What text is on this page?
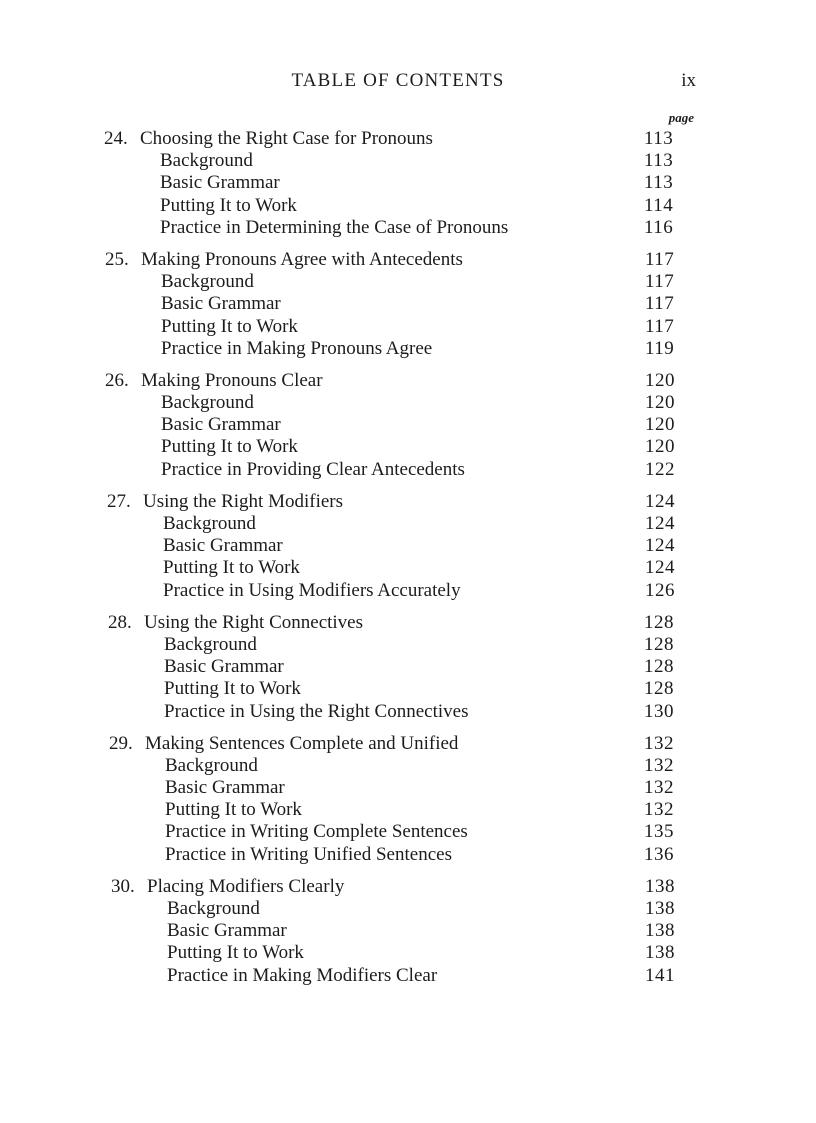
TABLE OF CONTENTS	ix
page
24. Choosing the Right Case for Pronouns	113
Background	113
Basic Grammar	113
Putting It to Work	114
Practice in Determining the Case of Pronouns	116
25. Making Pronouns Agree with Antecedents	117
Background	117
Basic Grammar	117
Putting It to Work	117
Practice in Making Pronouns Agree	119
26. Making Pronouns Clear	120
Background	120
Basic Grammar	120
Putting It to Work	120
Practice in Providing Clear Antecedents	122
27. Using the Right Modifiers	124
Background	124
Basic Grammar	124
Putting It to Work	124
Practice in Using Modifiers Accurately	126
28. Using the Right Connectives	128
Background	128
Basic Grammar	128
Putting It to Work	128
Practice in Using the Right Connectives	130
29. Making Sentences Complete and Unified	132
Background	132
Basic Grammar	132
Putting It to Work	132
Practice in Writing Complete Sentences	135
Practice in Writing Unified Sentences	136
30. Placing Modifiers Clearly	138
Background	138
Basic Grammar	138
Putting It to Work	138
Practice in Making Modifiers Clear	141
